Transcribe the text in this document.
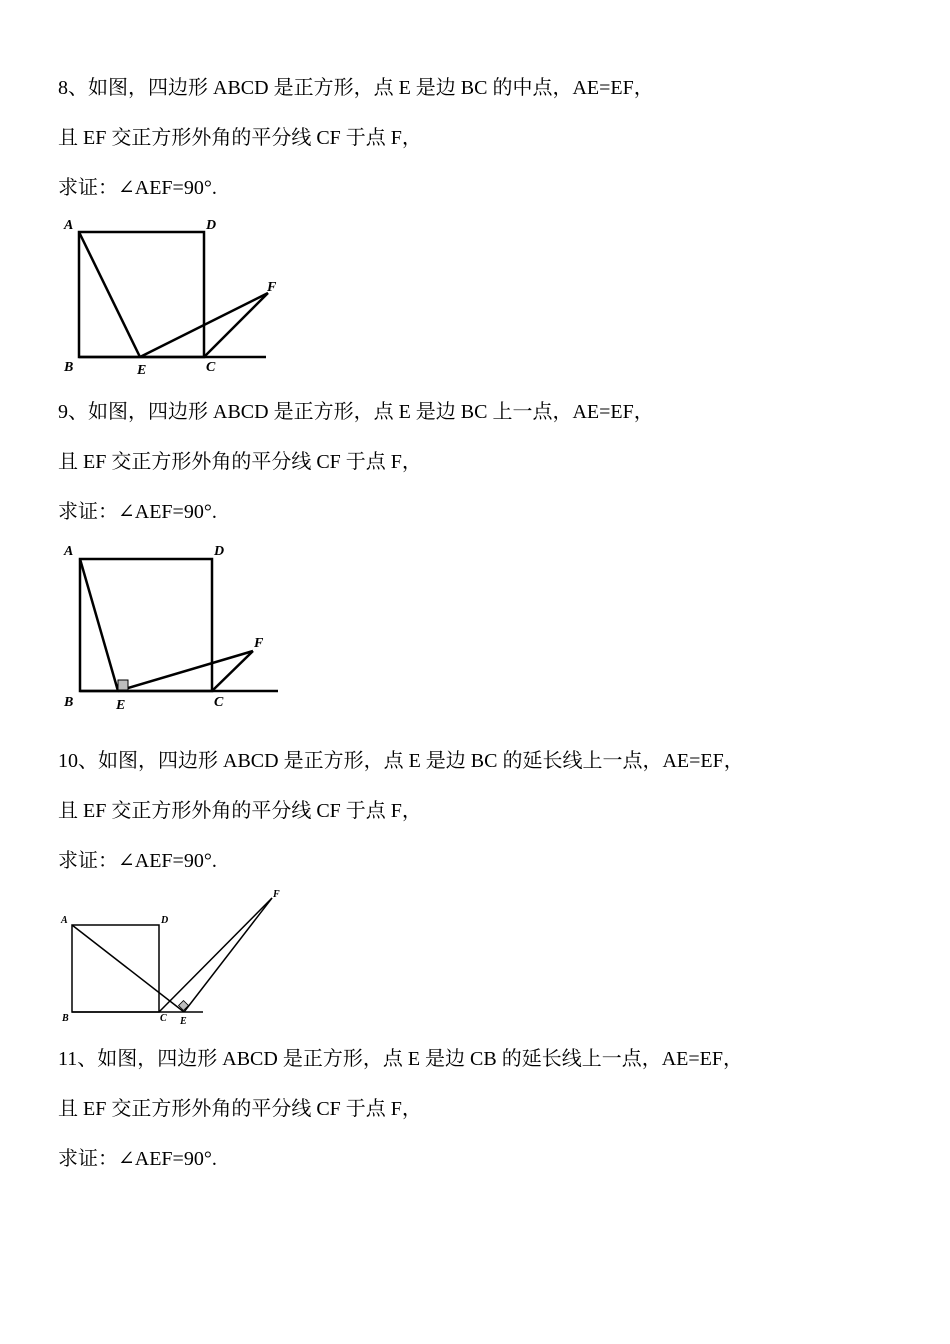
8、如图，四边形 ABCD 是正方形，点 E 是边 BC 的中点，AE=EF，
且 EF 交正方形外角的平分线 CF 于点 F，
求证：∠AEF=90°.
A	D
F
B	E	C
9、如图，四边形 ABCD 是正方形，点 E 是边 BC 上一点，AE=EF，
且 EF 交正方形外角的平分线 CF 于点 F，
求证：∠AEF=90°.
A	D
F
B	E	C
10、如图，四边形 ABCD 是正方形，点 E 是边 BC 的延长线上一点，AE=EF，
且 EF 交正方形外角的平分线 CF 于点 F，
求证：∠AEF=90°.
A	D
F
B	C E
11、如图，四边形 ABCD 是正方形，点 E 是边 CB 的延长线上一点，AE=EF，
且 EF 交正方形外角的平分线 CF 于点 F，
求证：∠AEF=90°.
